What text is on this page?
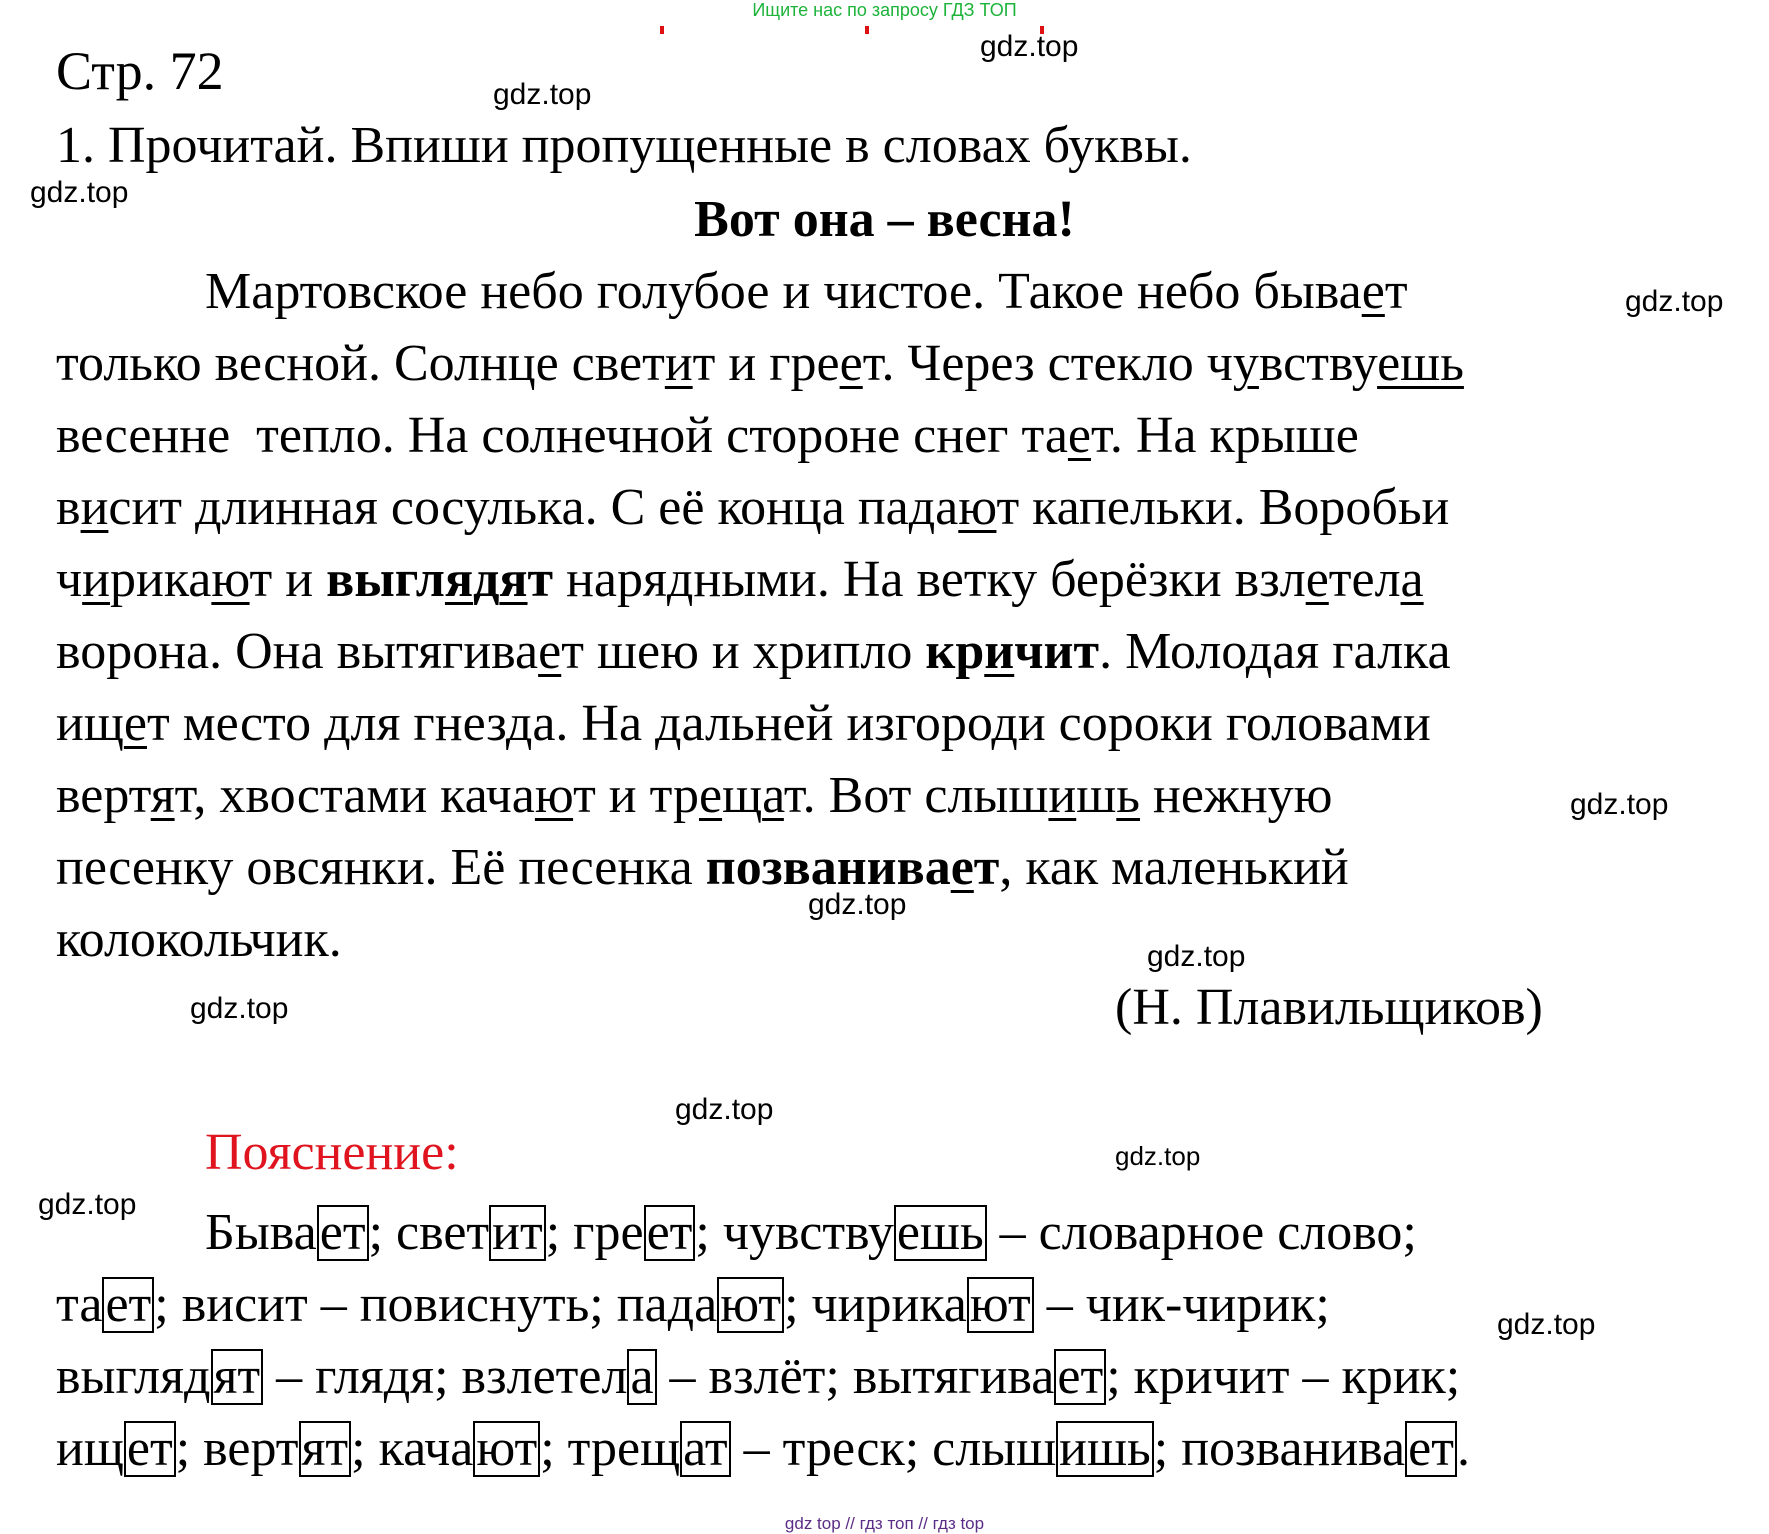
Ищите нас по запросу ГДЗ ТОП
Стр. 72
1. Прочитай. Впиши пропущенные в словах буквы.
Вот она – весна!
Мартовское небо голубое и чистое. Такое небо бывает
только весной. Солнце светит и греет. Через стекло чувствуешь
весенне  тепло. На солнечной стороне снег тает. На крыше
висит длинная сосулька. С её конца падают капельки. Воробьи
чирикают и выглядят нарядными. На ветку берёзки взлетела
ворона. Она вытягивает шею и хрипло кричит. Молодая галка
ищет место для гнезда. На дальней изгороди сороки головами
вертят, хвостами качают и трещат. Вот слышишь нежную
песенку овсянки. Её песенка позванивает, как маленький
колокольчик.
(Н. Плавильщиков)
Пояснение:
Бывает; светит; греет; чувствуешь – словарное слово;
тает; висит – повиснуть; падают; чирикают – чик-чирик;
выглядят – глядя; взлетела – взлёт; вытягивает; кричит – крик;
ищет; вертят; качают; трещат – треск; слышишь; позванивает.
gdz.top
gdz.top
gdz.top
gdz.top
gdz.top
gdz.top
gdz.top
gdz.top
gdz.top
gdz.top
gdz.top
gdz.top
gdz top // гдз топ // гдз top
